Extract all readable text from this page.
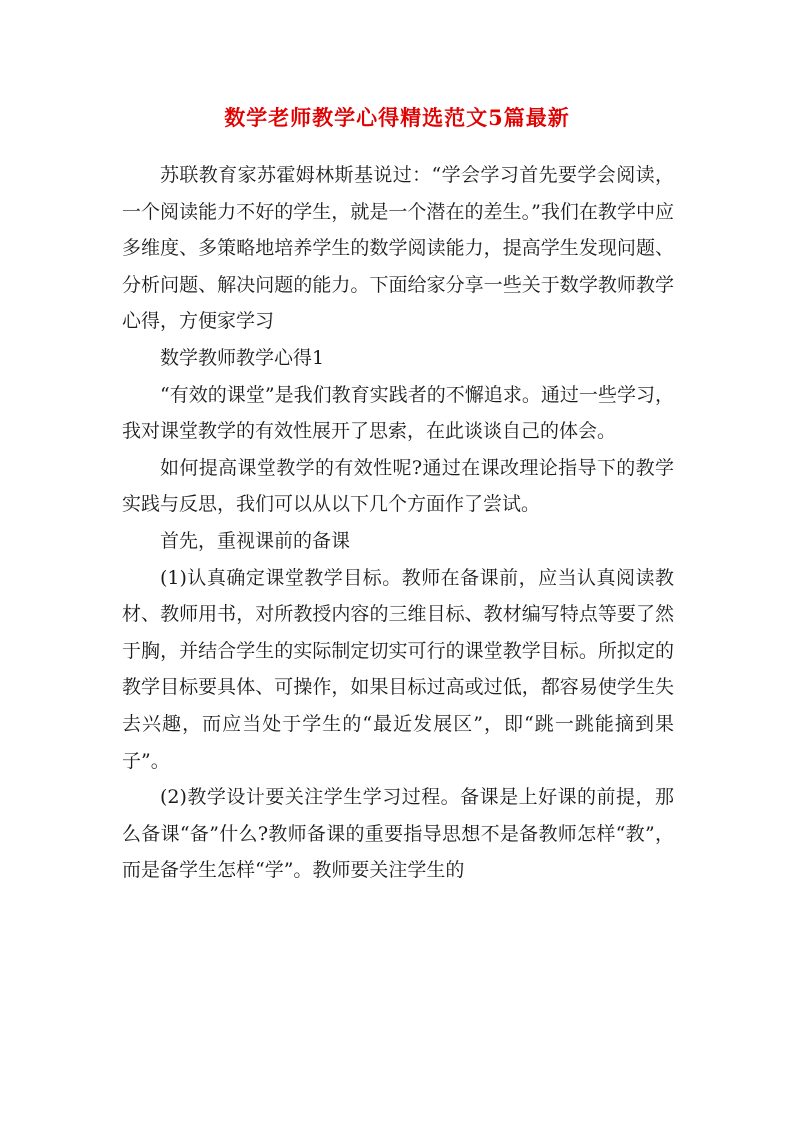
数学老师教学心得精选范文5篇最新

苏联教育家苏霍姆林斯基说过：“学会学习首先要学会阅读，一个阅读能力不好的学生，就是一个潜在的差生。”我们在教学中应多维度、多策略地培养学生的数学阅读能力，提高学生发现问题、分析问题、解决问题的能力。下面给家分享一些关于数学教师教学心得，方便家学习

数学教师教学心得1

“有效的课堂”是我们教育实践者的不懈追求。通过一些学习，我对课堂教学的有效性展开了思索，在此谈谈自己的体会。

如何提高课堂教学的有效性呢?通过在课改理论指导下的教学实践与反思，我们可以从以下几个方面作了尝试。

首先，重视课前的备课

(1)认真确定课堂教学目标。教师在备课前，应当认真阅读教材、教师用书，对所教授内容的三维目标、教材编写特点等要了然于胸，并结合学生的实际制定切实可行的课堂教学目标。所拟定的教学目标要具体、可操作，如果目标过高或过低，都容易使学生失去兴趣，而应当处于学生的“最近发展区”，即“跳一跳能摘到果子”。

(2)教学设计要关注学生学习过程。备课是上好课的前提，那么备课“备”什么?教师备课的重要指导思想不是备教师怎样“教”，而是备学生怎样“学”。教师要关注学生的
